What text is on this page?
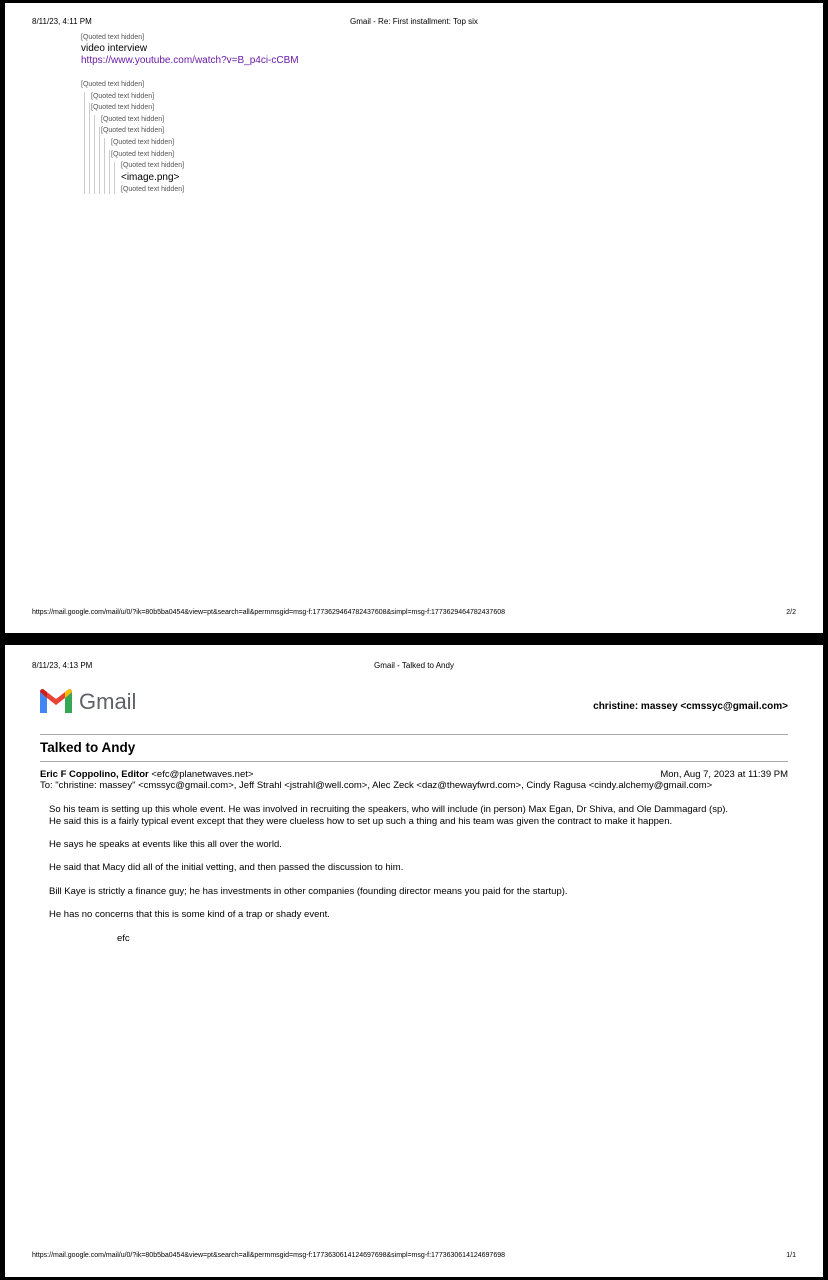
8/11/23, 4:11 PM	Gmail - Re: First installment: Top six
[Quoted text hidden]
video interview
https://www.youtube.com/watch?v=B_p4ci-cCBM
[Quoted text hidden]
[Quoted text hidden]
[Quoted text hidden]
[Quoted text hidden]
[Quoted text hidden]
[Quoted text hidden]
[Quoted text hidden]
[Quoted text hidden]
<image.png>
[Quoted text hidden]
https://mail.google.com/mail/u/0/?ik=80b5ba0454&view=pt&search=all&permmsgid=msg-f:1773629464782437608&simpl=msg-f:1773629464782437608	2/2
8/11/23, 4:13 PM	Gmail - Talked to Andy
Gmail	christine: massey <cmssyc@gmail.com>
Talked to Andy
Eric F Coppolino, Editor <efc@planetwaves.net>	Mon, Aug 7, 2023 at 11:39 PM
To: "christine: massey" <cmssyc@gmail.com>, Jeff Strahl <jstrahl@well.com>, Alec Zeck <daz@thewayfwrd.com>, Cindy Ragusa <cindy.alchemy@gmail.com>
So his team is setting up this whole event. He was involved in recruiting the speakers, who will include (in person) Max Egan, Dr Shiva, and Ole Dammagard (sp).
He said this is a fairly typical event except that they were clueless how to set up such a thing and his team was given the contract to make it happen.
He says he speaks at events like this all over the world.
He said that Macy did all of the initial vetting, and then passed the discussion to him.
Bill Kaye is strictly a finance guy; he has investments in other companies (founding director means you paid for the startup).
He has no concerns that this is some kind of a trap or shady event.
efc
https://mail.google.com/mail/u/0/?ik=80b5ba0454&view=pt&search=all&permmsgid=msg-f:1773630614124697698&simpl=msg-f:1773630614124697698	1/1
